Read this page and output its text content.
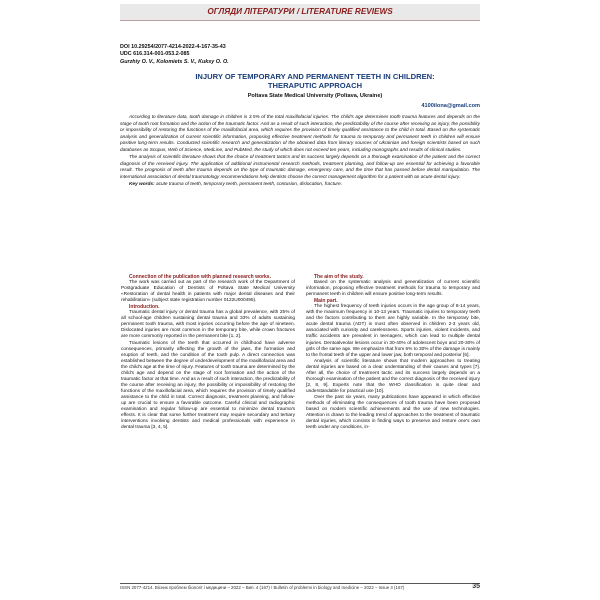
ОГЛЯДИ ЛІТЕРАТУРИ / LITERATURE REVIEWS
DOI 10.29254/2077-4214-2022-4-167-35-43
UDC 616.314-001-053.2-085
Gurzhiy O. V., Kolomiets S. V., Kuksy O. O.
INJURY OF TEMPORARY AND PERMANENT TEETH IN CHILDREN:
THERAPUTIC APPROACH
Poltava State Medical University (Poltava, Ukraine)
4100ilona@gmail.com

According to literature data, tooth damage in children is 3.5% of the total maxillofacial injuries. The child's age determines tooth trauma features and depends on the stage of tooth root formation and the action of the traumatic factor. And as a result of such interaction, the predictability of the course after receiving an injury, the possibility or impossibility of restoring the functions of the maxillofacial area, which requires the provision of timely qualified assistance to the child in total. Based on the systematic analysis and generalization of current scientific information, proposing effective treatment methods for trauma to temporary and permanent teeth in children will ensure positive long-term results. Conducted scientific research and generalization of the obtained data from literary sources of Ukrainian and foreign scientists based on such databases as Scopus, Web of Science, MedLine, and PubMed, the study of which does not exceed ten years, including monographs and results of clinical studies.

The analysis of scientific literature shows that the choice of treatment tactics and its success largely depends on a thorough examination of the patient and the correct diagnosis of the received injury. The application of additional instrumental research methods, treatment planning, and follow-up are essential for achieving a favorable result. The prognosis of teeth after trauma depends on the type of traumatic damage, emergency care, and the time that has passed before dental manipulation. The international association of dental traumatology recommendations help dentists choose the correct management algorithm for a patient with an acute dental injury.

Key words: acute trauma of teeth, temporary teeth, permanent teeth, contusion, dislocation, fracture.

Connection of the publication with planned research works.

The work was carried out as part of the research work of the Department of Postgraduate Education of Dentists of Poltava State Medical University «Restoration of dental health in patients with major dental diseases and their rehabilitation» (subject state registration number 0122U000495).

Introduction.

Traumatic dental injury or dental trauma has a global prevalence, with 25% of all school-age children sustaining dental trauma and 33% of adults sustaining permanent tooth trauma, with most injuries occurring before the age of nineteen. Dislocated injuries are most common in the temporary bite, while crown fractures are more commonly reported in the permanent bite [1, 2].

Traumatic lesions of the teeth that occurred in childhood have adverse consequences, primarily affecting the growth of the jaws, the formation and eruption of teeth, and the condition of the tooth pulp. A direct connection was established between the degree of underdevelopment of the maxillofacial area and the child's age at the time of injury. Features of tooth trauma are determined by the child's age and depend on the stage of root formation and the action of the traumatic factor at that time. And as a result of such interaction, the predictability of the course after receiving an injury, the possibility or impossibility of restoring the functions of the maxillofacial area, which requires the provision of timely qualified assistance to the child in total. Correct diagnosis, treatment planning, and follow-up are crucial to ensure a favorable outcome. Careful clinical and radiographic examination and regular follow-up are essential to minimize dental trauma's effects. It is clear that some further treatment may require secondary and tertiary interventions involving dentists and medical professionals with experience in dental trauma [3, 4, 5].

The aim of the study.

Based on the systematic analysis and generalization of current scientific information, proposing effective treatment methods for trauma to temporary and permanent teeth in children will ensure positive long-term results.

Main part.

The highest frequency of teeth injuries occurs in the age group of 8-14 years, with the maximum frequency in 10-13 years. Traumatic injuries to temporary teeth and the factors contributing to them are highly variable. In the temporary bite, acute dental trauma (ADT) is most often observed in children 2-3 years old, associated with curiosity and carelessness. Sports injuries, violent incidents, and traffic accidents are prevalent in teenagers, which can lead to multiple dental injuries. Dentoalveolar lesions occur in 30-40% of adolescent boys and 20-30% of girls of the same age. We emphasize that from 5% to 30% of the damage is mainly to the frontal teeth of the upper and lower jaw, both temporal and posterior [6].

Analysis of scientific literature shows that modern approaches to treating dental injuries are based on a clear understanding of their causes and types [7]. After all, the choice of treatment tactic and its success largely depends on a thorough examination of the patient and the correct diagnosis of the received injury [2, 8, 9]. Experts note that the WHO classification is quite clear and understandable for practical use [10].

Over the past six years, many publications have appeared in which effective methods of eliminating the consequences of tooth trauma have been proposed based on modern scientific achievements and the use of new technologies. Attention is drawn to the leading trend of approaches to the treatment of traumatic dental injuries, which consists in finding ways to preserve and restore one's own teeth under any conditions, in-

ISSN 2077-4214. Вісник проблем біології і медицини – 2022 – Вип. 4 (167) / Bulletin of problems in biology and medicine – 2022 – Issue 4 (167)	35
